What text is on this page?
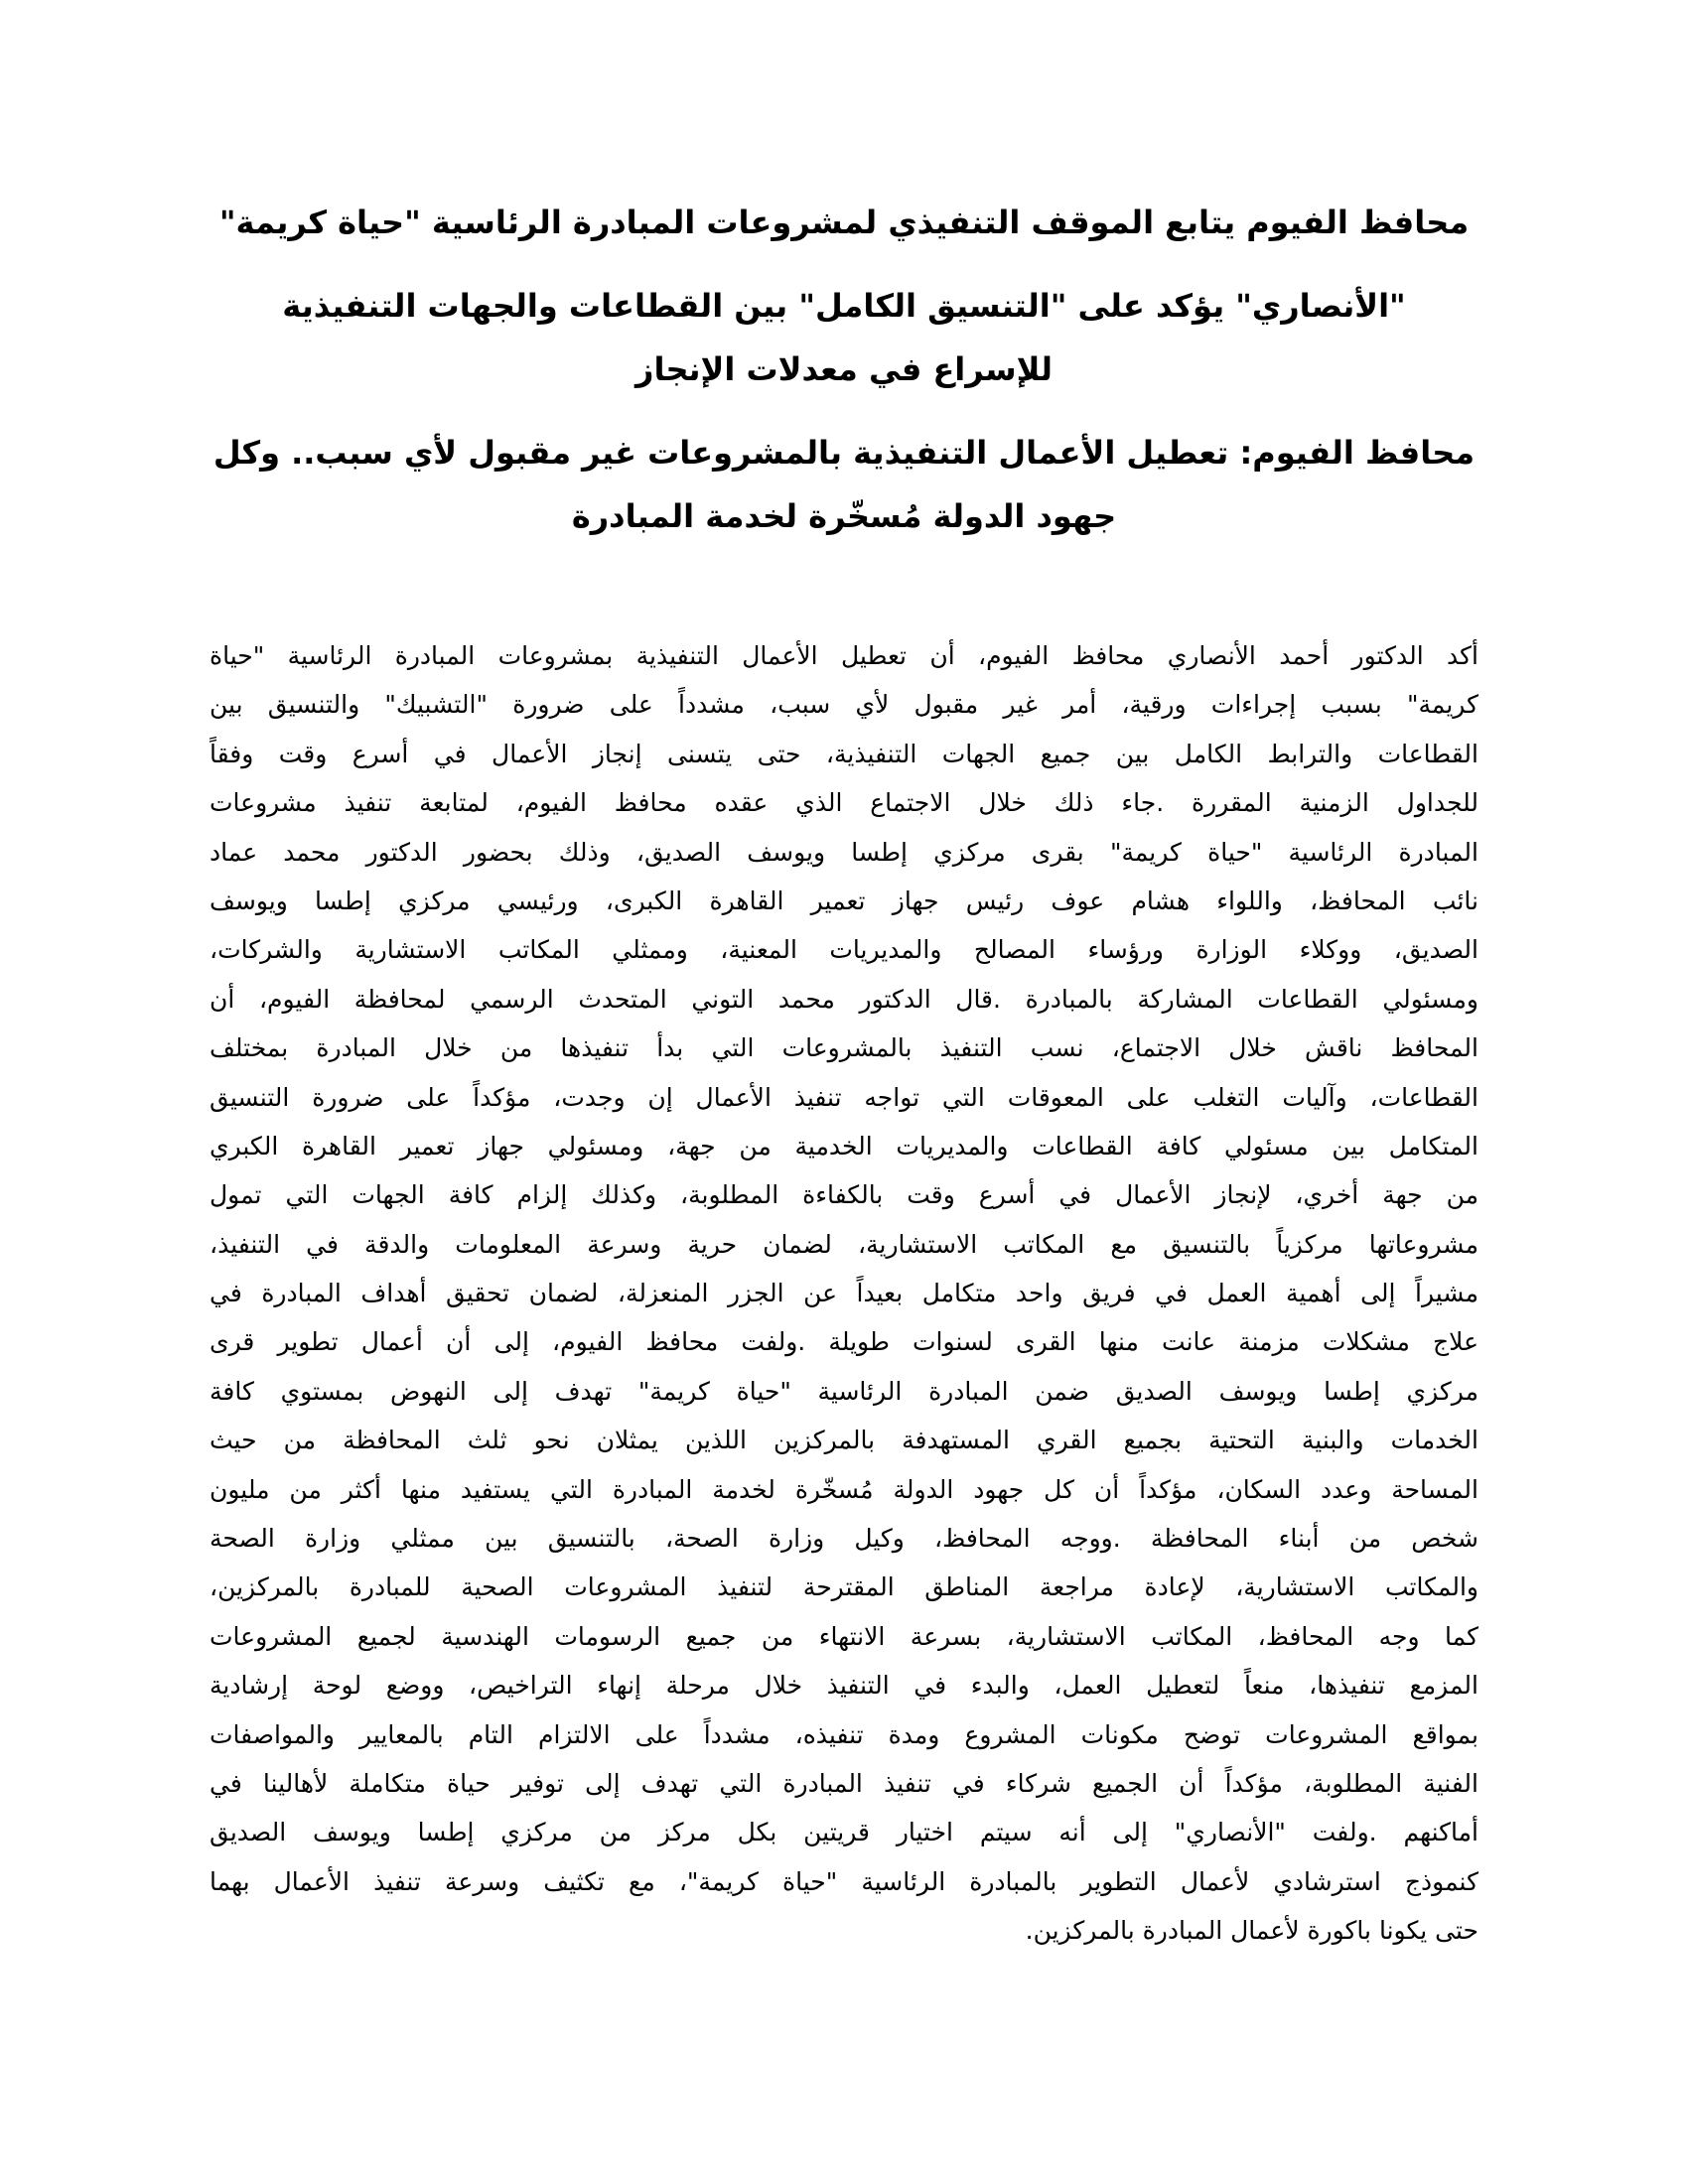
محافظ الفيوم يتابع الموقف التنفيذي لمشروعات المبادرة الرئاسية "حياة كريمة"
"الأنصاري" يؤكد على "التنسيق الكامل" بين القطاعات والجهات التنفيذية
للإسراع في معدلات الإنجاز
محافظ الفيوم: تعطيل الأعمال التنفيذية بالمشروعات غير مقبول لأي سبب.. وكل
جهود الدولة مُسخّرة لخدمة المبادرة
أكد الدكتور أحمد الأنصاري محافظ الفيوم، أن تعطيل الأعمال التنفيذية بمشروعات المبادرة الرئاسية "حياة
كريمة" بسبب إجراءات ورقية، أمر غير مقبول لأي سبب، مشدداً على ضرورة "التشبيك" والتنسيق بين
القطاعات والترابط الكامل بين جميع الجهات التنفيذية، حتى يتسنى إنجاز الأعمال في أسرع وقت وفقاً
للجداول الزمنية المقررة .جاء ذلك خلال الاجتماع الذي عقده محافظ الفيوم، لمتابعة تنفيذ مشروعات
المبادرة الرئاسية "حياة كريمة" بقرى مركزي إطسا ويوسف الصديق، وذلك بحضور الدكتور محمد عماد
نائب المحافظ، واللواء هشام عوف رئيس جهاز تعمير القاهرة الكبرى، ورئيسي مركزي إطسا ويوسف
الصديق، ووكلاء الوزارة ورؤساء المصالح والمديريات المعنية، وممثلي المكاتب الاستشارية والشركات،
ومسئولي القطاعات المشاركة بالمبادرة .قال الدكتور محمد التوني المتحدث الرسمي لمحافظة الفيوم، أن
المحافظ ناقش خلال الاجتماع، نسب التنفيذ بالمشروعات التي بدأ تنفيذها من خلال المبادرة بمختلف
القطاعات، وآليات التغلب على المعوقات التي تواجه تنفيذ الأعمال إن وجدت، مؤكداً على ضرورة التنسيق
المتكامل بين مسئولي كافة القطاعات والمديريات الخدمية من جهة، ومسئولي جهاز تعمير القاهرة الكبري
من جهة أخري، لإنجاز الأعمال في أسرع وقت بالكفاءة المطلوبة، وكذلك إلزام كافة الجهات التي تمول
مشروعاتها مركزياً بالتنسيق مع المكاتب الاستشارية، لضمان حرية وسرعة المعلومات والدقة في التنفيذ،
مشيراً إلى أهمية العمل في فريق واحد متكامل بعيداً عن الجزر المنعزلة، لضمان تحقيق أهداف المبادرة في
علاج مشكلات مزمنة عانت منها القرى لسنوات طويلة .ولفت محافظ الفيوم، إلى أن أعمال تطوير قرى
مركزي إطسا ويوسف الصديق ضمن المبادرة الرئاسية "حياة كريمة" تهدف إلى النهوض بمستوي كافة
الخدمات والبنية التحتية بجميع القري المستهدفة بالمركزين اللذين يمثلان نحو ثلث المحافظة من حيث
المساحة وعدد السكان، مؤكداً أن كل جهود الدولة مُسخّرة لخدمة المبادرة التي يستفيد منها أكثر من مليون
شخص من أبناء المحافظة .ووجه المحافظ، وكيل وزارة الصحة، بالتنسيق بين ممثلي وزارة الصحة
والمكاتب الاستشارية، لإعادة مراجعة المناطق المقترحة لتنفيذ المشروعات الصحية للمبادرة بالمركزين،
كما وجه المحافظ، المكاتب الاستشارية، بسرعة الانتهاء من جميع الرسومات الهندسية لجميع المشروعات
المزمع تنفيذها، منعاً لتعطيل العمل، والبدء في التنفيذ خلال مرحلة إنهاء التراخيص، ووضع لوحة إرشادية
بمواقع المشروعات توضح مكونات المشروع ومدة تنفيذه، مشدداً على الالتزام التام بالمعايير والمواصفات
الفنية المطلوبة، مؤكداً أن الجميع شركاء في تنفيذ المبادرة التي تهدف إلى توفير حياة متكاملة لأهالينا في
أماكنهم .ولفت "الأنصاري" إلى أنه سيتم اختيار قريتين بكل مركز من مركزي إطسا ويوسف الصديق
كنموذج استرشادي لأعمال التطوير بالمبادرة الرئاسية "حياة كريمة"، مع تكثيف وسرعة تنفيذ الأعمال بهما
حتى يكونا باكورة لأعمال المبادرة بالمركزين.
